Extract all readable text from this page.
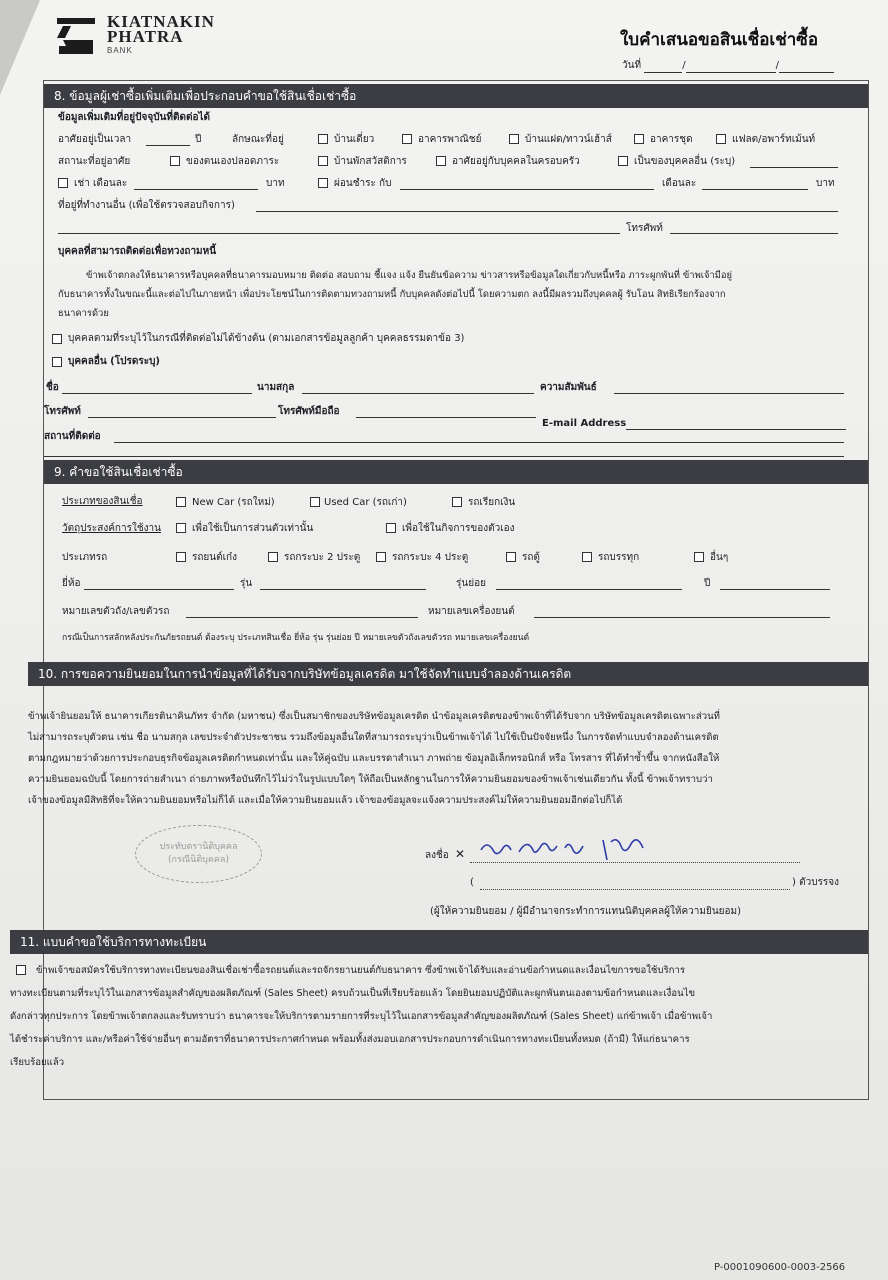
KIATNAKIN
PHATRA
BANK
ใบคำเสนอขอสินเชื่อเช่าซื้อ
วันที่	/	/
8. ข้อมูลผู้เช่าซื้อเพิ่มเติมเพื่อประกอบคำขอใช้สินเชื่อเช่าซื้อ
ข้อมูลเพิ่มเติมที่อยู่ปัจจุบันที่ติดต่อได้
อาศัยอยู่เป็นเวลา	ปี	ลักษณะที่อยู่	บ้านเดี่ยว	อาคารพาณิชย์	บ้านแฝด/ทาวน์เฮ้าส์	อาคารชุด	แฟลต/อพาร์ทเม้นท์
สถานะที่อยู่อาศัย	ของตนเองปลอดภาระ	บ้านพักสวัสดิการ	อาศัยอยู่กับบุคคลในครอบครัว	เป็นของบุคคลอื่น (ระบุ)
เช่า เดือนละ	บาท	ผ่อนชำระ กับ	เดือนละ	บาท
ที่อยู่ที่ทำงานอื่น (เพื่อใช้ตรวจสอบกิจการ)
โทรศัพท์
บุคคลที่สามารถติดต่อเพื่อทวงถามหนี้
ข้าพเจ้าตกลงให้ธนาคารหรือบุคคลที่ธนาคารมอบหมาย ติดต่อ สอบถาม ชี้แจง แจ้ง ยืนยันข้อความ ข่าวสารหรือข้อมูลใดเกี่ยวกับหนี้หรือ ภาระผูกพันที่ ข้าพเจ้ามีอยู่
กับธนาคารทั้งในขณะนี้และต่อไปในภายหน้า เพื่อประโยชน์ในการติดตามทวงถามหนี้ กับบุคคลดังต่อไปนี้ โดยความตก ลงนี้มีผลรวมถึงบุคคลผู้ รับโอน สิทธิเรียกร้องจาก
ธนาคารด้วย
บุคคลตามที่ระบุไว้ในกรณีที่ติดต่อไม่ได้ข้างต้น (ตามเอกสารข้อมูลลูกค้า บุคคลธรรมดาข้อ 3)
บุคคลอื่น (โปรดระบุ)
ชื่อ	นามสกุล	ความสัมพันธ์
โทรศัพท์	โทรศัพท์มือถือ
E-mail Address
สถานที่ติดต่อ
9. คำขอใช้สินเชื่อเช่าซื้อ
ประเภทของสินเชื่อ	New Car (รถใหม่)	Used Car (รถเก่า)	รถเรียกเงิน
วัตถุประสงค์การใช้งาน	เพื่อใช้เป็นการส่วนตัวเท่านั้น	เพื่อใช้ในกิจการของตัวเอง
ประเภทรถ	รถยนต์เก๋ง	รถกระบะ 2 ประตู	รถกระบะ 4 ประตู	รถตู้	รถบรรทุก	อื่นๆ
ยี่ห้อ	รุ่น	รุ่นย่อย	ปี
หมายเลขตัวถัง/เลขตัวรถ	หมายเลขเครื่องยนต์
กรณีเป็นการสลักหลังประกันภัยรถยนต์ ต้องระบุ ประเภทสินเชื่อ ยี่ห้อ รุ่น รุ่นย่อย ปี หมายเลขตัวถังเลขตัวรถ หมายเลขเครื่องยนต์
10. การขอความยินยอมในการนำข้อมูลที่ได้รับจากบริษัทข้อมูลเครดิต มาใช้จัดทำแบบจำลองด้านเครดิต
ข้าพเจ้ายินยอมให้ ธนาคารเกียรตินาคินภัทร จำกัด (มหาชน) ซึ่งเป็นสมาชิกของบริษัทข้อมูลเครดิต นำข้อมูลเครดิตของข้าพเจ้าที่ได้รับจาก บริษัทข้อมูลเครดิตเฉพาะส่วนที่
ไม่สามารถระบุตัวตน เช่น ชื่อ นามสกุล เลขประจำตัวประชาชน รวมถึงข้อมูลอื่นใดที่สามารถระบุว่าเป็นข้าพเจ้าได้ ไปใช้เป็นปัจจัยหนึ่ง ในการจัดทำแบบจำลองด้านเครดิต
ตามกฎหมายว่าด้วยการประกอบธุรกิจข้อมูลเครดิตกำหนดเท่านั้น และให้คู่ฉบับ และบรรดาสำเนา ภาพถ่าย ข้อมูลอิเล็กทรอนิกส์ หรือ โทรสาร ที่ได้ทำซ้ำขึ้น จากหนังสือให้
ความยินยอมฉบับนี้ โดยการถ่ายสำเนา ถ่ายภาพหรือบันทึกไว้ไม่ว่าในรูปแบบใดๆ ให้ถือเป็นหลักฐานในการให้ความยินยอมของข้าพเจ้าเช่นเดียวกัน ทั้งนี้ ข้าพเจ้าทราบว่า
เจ้าของข้อมูลมีสิทธิที่จะให้ความยินยอมหรือไม่ก็ได้ และเมื่อให้ความยินยอมแล้ว เจ้าของข้อมูลจะแจ้งความประสงค์ไม่ให้ความยินยอมอีกต่อไปก็ได้
ประทับตรานิติบุคคล
(กรณีนิติบุคคล)	ลงชื่อ ✕
(	) ตัวบรรจง
(ผู้ให้ความยินยอม / ผู้มีอำนาจกระทำการแทนนิติบุคคลผู้ให้ความยินยอม)
11. แบบคำขอใช้บริการทางทะเบียน
ข้าพเจ้าขอสมัครใช้บริการทางทะเบียนของสินเชื่อเช่าซื้อรถยนต์และรถจักรยานยนต์กับธนาคาร ซึ่งข้าพเจ้าได้รับและอ่านข้อกำหนดและเงื่อนไขการขอใช้บริการ
ทางทะเบียนตามที่ระบุไว้ในเอกสารข้อมูลสำคัญของผลิตภัณฑ์ (Sales Sheet) ครบถ้วนเป็นที่เรียบร้อยแล้ว โดยยินยอมปฏิบัติและผูกพันตนเองตามข้อกำหนดและเงื่อนไข
ดังกล่าวทุกประการ โดยข้าพเจ้าตกลงและรับทราบว่า ธนาคารจะให้บริการตามรายการที่ระบุไว้ในเอกสารข้อมูลสำคัญของผลิตภัณฑ์ (Sales Sheet) แก่ข้าพเจ้า เมื่อข้าพเจ้า
ได้ชำระค่าบริการ และ/หรือค่าใช้จ่ายอื่นๆ ตามอัตราที่ธนาคารประกาศกำหนด พร้อมทั้งส่งมอบเอกสารประกอบการดำเนินการทางทะเบียนทั้งหมด (ถ้ามี) ให้แก่ธนาคาร
เรียบร้อยแล้ว
P-0001090600-0003-2566
